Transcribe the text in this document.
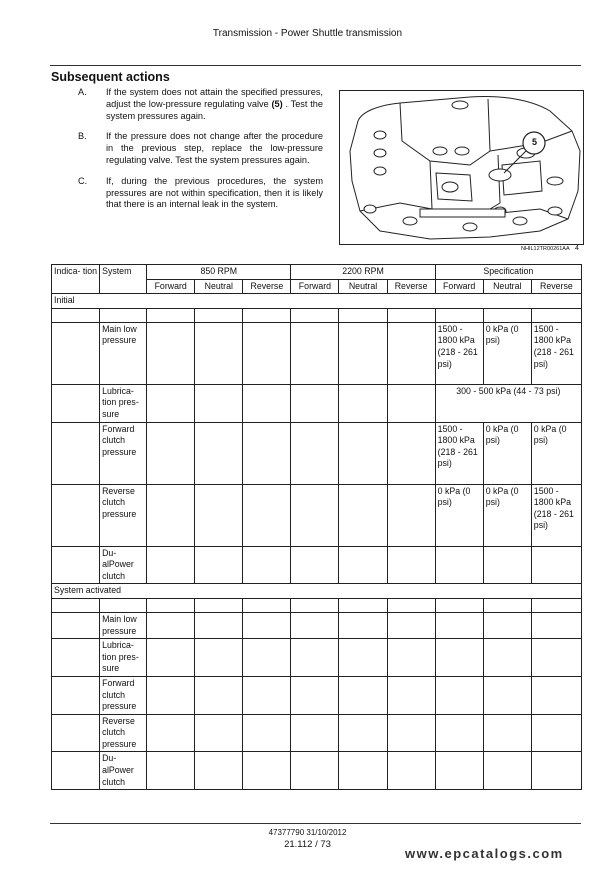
Transmission - Power Shuttle transmission
Subsequent actions
A.	If the system does not attain the specified pressures, adjust the low-pressure regulating valve (5) . Test the system pressures again.
B.	If the pressure does not change after the procedure in the previous step, replace the low-pressure regulating valve. Test the system pressures again.
C.	If, during the previous procedures, the system pressures are not within specification, then it is likely that there is an internal leak in the system.
5
NHIL12TR00261AA 4
Indica- tion	System	850 RPM			2200 RPM			Specification		
		Forward	Neutral	Reverse	Forward	Neutral	Reverse	Forward	Neutral	Reverse
Initial										

	Main low pressure							1500 - 1800 kPa (218 - 261 psi)	0 kPa (0 psi)	1500 - 1800 kPa (218 - 261 psi)
	Lubrica- tion pres- sure							300 - 500 kPa (44 - 73 psi)		
	Forward clutch pressure							1500 - 1800 kPa (218 - 261 psi)	0 kPa (0 psi)	0 kPa (0 psi)
	Reverse clutch pressure							0 kPa (0 psi)	0 kPa (0 psi)	1500 - 1800 kPa (218 - 261 psi)
	Du- alPower clutch									
System activated										

	Main low pressure									
	Lubrica- tion pres- sure									
	Forward clutch pressure									
	Reverse clutch pressure									
	Du- alPower clutch									
47377790 31/10/2012
21.112 / 73
www.epcatalogs.com
